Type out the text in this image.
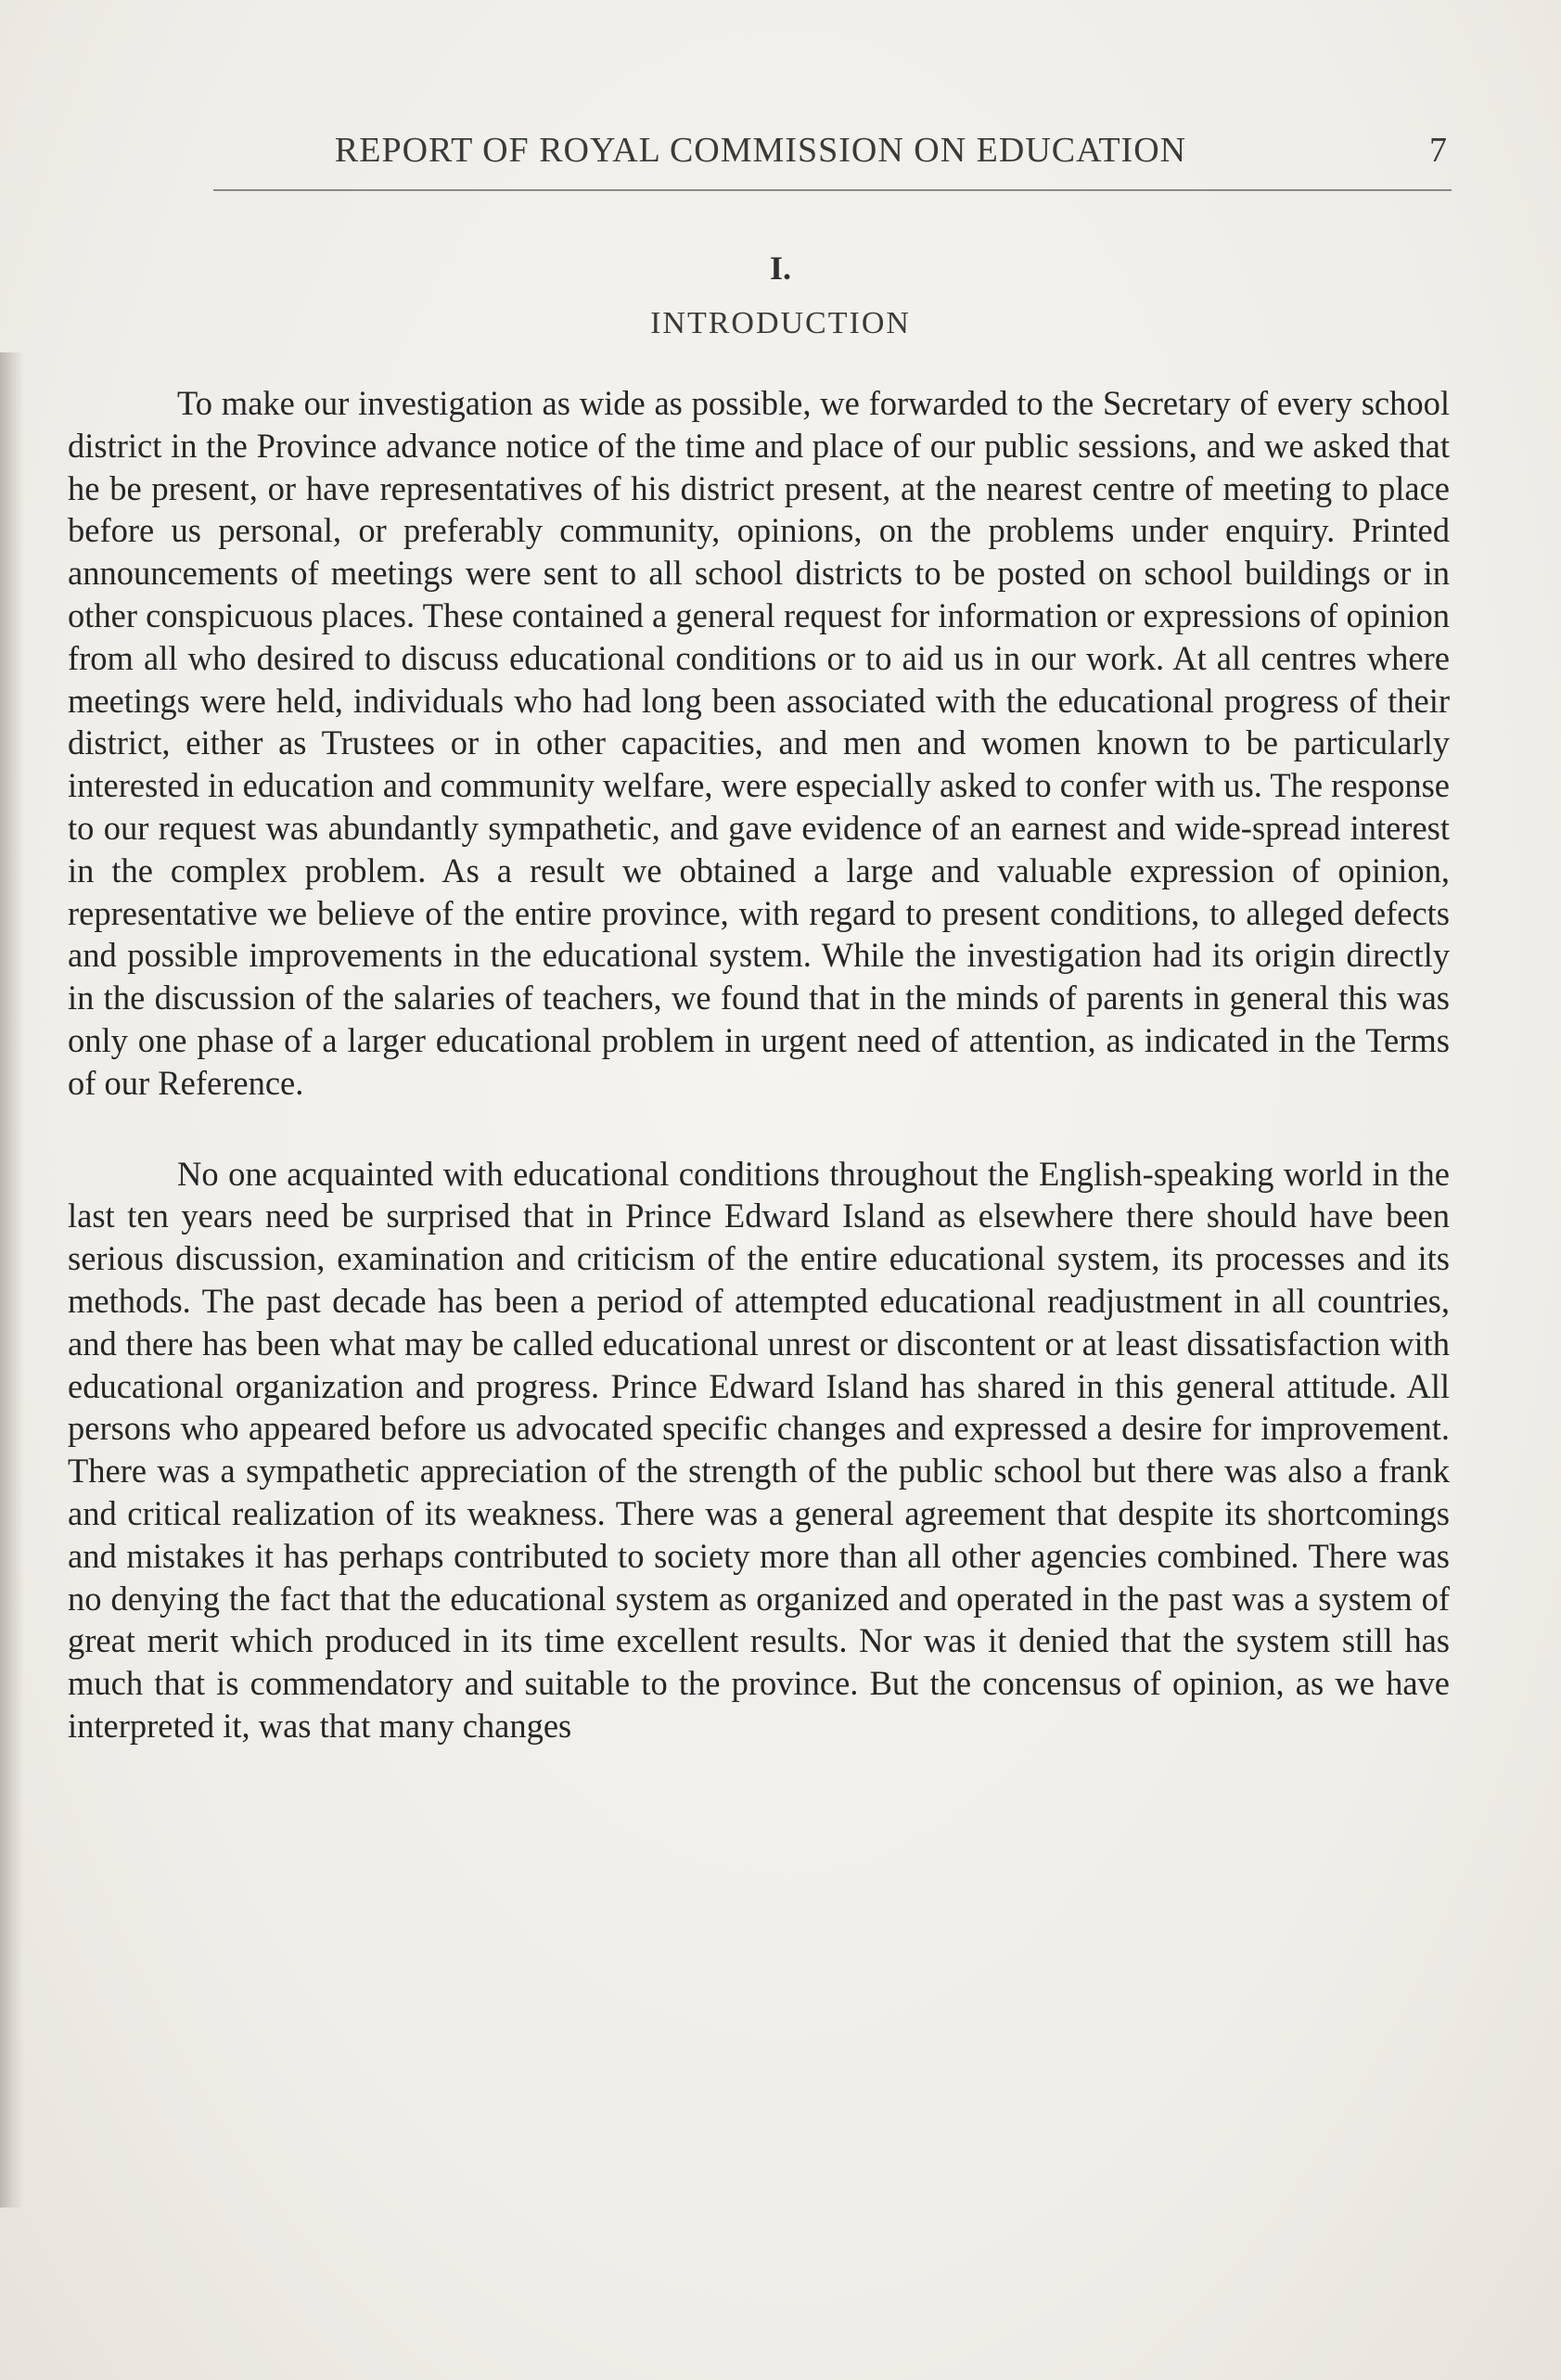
REPORT OF ROYAL COMMISSION ON EDUCATION	7
I.
INTRODUCTION

To make our investigation as wide as possible, we forwarded to the Secretary of every school district in the Province advance notice of the time and place of our public sessions, and we asked that he be present, or have representatives of his district present, at the nearest centre of meeting to place before us personal, or preferably community, opinions, on the problems under enquiry. Printed announcements of meetings were sent to all school districts to be posted on school buildings or in other conspicuous places. These contained a general request for information or expressions of opinion from all who desired to discuss educational conditions or to aid us in our work. At all centres where meetings were held, individuals who had long been associated with the educational progress of their district, either as Trustees or in other capacities, and men and women known to be particularly interested in education and community welfare, were especially asked to confer with us. The response to our request was abundantly sympathetic, and gave evidence of an earnest and wide-spread interest in the complex problem. As a result we obtained a large and valuable expression of opinion, representative we believe of the entire province, with regard to present conditions, to alleged defects and possible improvements in the educational system. While the investigation had its origin directly in the discussion of the salaries of teachers, we found that in the minds of parents in general this was only one phase of a larger educational problem in urgent need of attention, as indicated in the Terms of our Reference.

No one acquainted with educational conditions throughout the English-speaking world in the last ten years need be surprised that in Prince Edward Island as elsewhere there should have been serious discussion, examination and criticism of the entire educational system, its processes and its methods. The past decade has been a period of attempted educational readjustment in all countries, and there has been what may be called educational unrest or discontent or at least dissatisfaction with educational organization and progress. Prince Edward Island has shared in this general attitude. All persons who appeared before us advocated specific changes and expressed a desire for improvement. There was a sympathetic appreciation of the strength of the public school but there was also a frank and critical realization of its weakness. There was a general agreement that despite its shortcomings and mistakes it has perhaps contributed to society more than all other agencies combined. There was no denying the fact that the educational system as organized and operated in the past was a system of great merit which produced in its time excellent results. Nor was it denied that the system still has much that is commendatory and suitable to the province. But the concensus of opinion, as we have interpreted it, was that many changes
